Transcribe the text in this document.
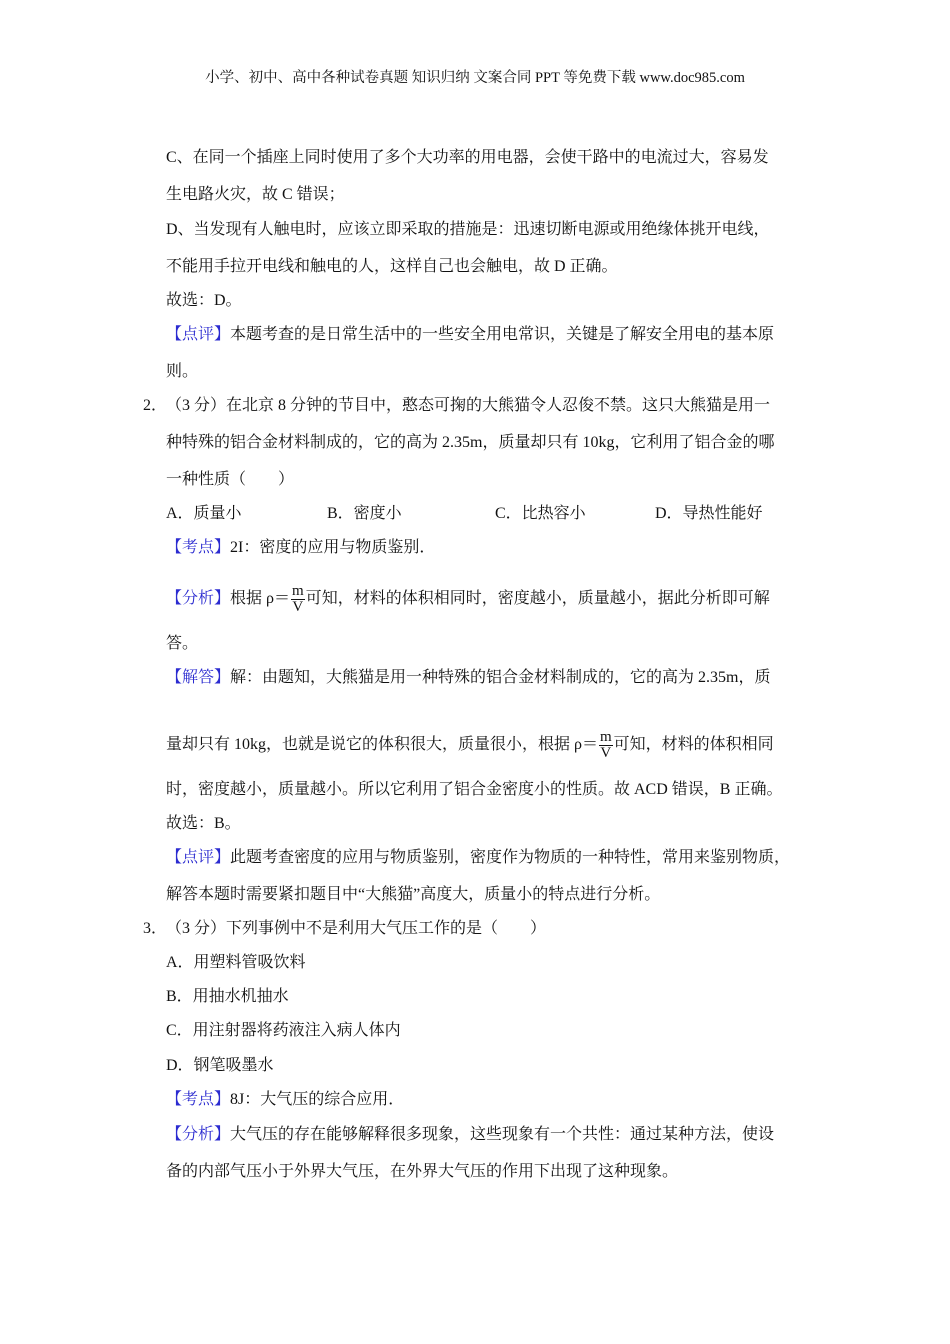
小学、初中、高中各种试卷真题 知识归纳 文案合同 PPT 等免费下载 www.doc985.com
C、在同一个插座上同时使用了多个大功率的用电器，会使干路中的电流过大，容易发
生电路火灾，故 C 错误；
D、当发现有人触电时，应该立即采取的措施是：迅速切断电源或用绝缘体挑开电线，
不能用手拉开电线和触电的人，这样自己也会触电，故 D 正确。
故选：D。
【点评】本题考查的是日常生活中的一些安全用电常识，关键是了解安全用电的基本原
则。
2．
（3 分）在北京 8 分钟的节目中，憨态可掬的大熊猫令人忍俊不禁。这只大熊猫是用一
种特殊的铝合金材料制成的，它的高为 2.35m，质量却只有 10kg，它利用了铝合金的哪
一种性质（　　）
A．质量小	B．密度小	C．比热容小	D．导热性能好
【考点】2I：密度的应用与物质鉴别．
【分析】根据 $\rho= \frac{m}{V}$ 可知，材料的体积相同时，密度越小，质量越小，据此分析即可解
答。
【解答】解：由题知，大熊猫是用一种特殊的铝合金材料制成的，它的高为 2.35m，质
量却只有 10kg，也就是说它的体积很大，质量很小，根据 $\rho= \frac{m}{V}$ 可知，材料的体积相同
时，密度越小，质量越小。所以它利用了铝合金密度小的性质。故 ACD 错误，B 正确。
故选：B。
【点评】此题考查密度的应用与物质鉴别，密度作为物质的一种特性，常用来鉴别物质，
解答本题时需要紧扣题目中“大熊猫”高度大，质量小的特点进行分析。
3．
（3 分）下列事例中不是利用大气压工作的是（　　）
A．用塑料管吸饮料
B．用抽水机抽水
C．用注射器将药液注入病人体内
D．钢笔吸墨水
【考点】8J：大气压的综合应用．
【分析】大气压的存在能够解释很多现象，这些现象有一个共性：通过某种方法，使设
备的内部气压小于外界大气压，在外界大气压的作用下出现了这种现象。
